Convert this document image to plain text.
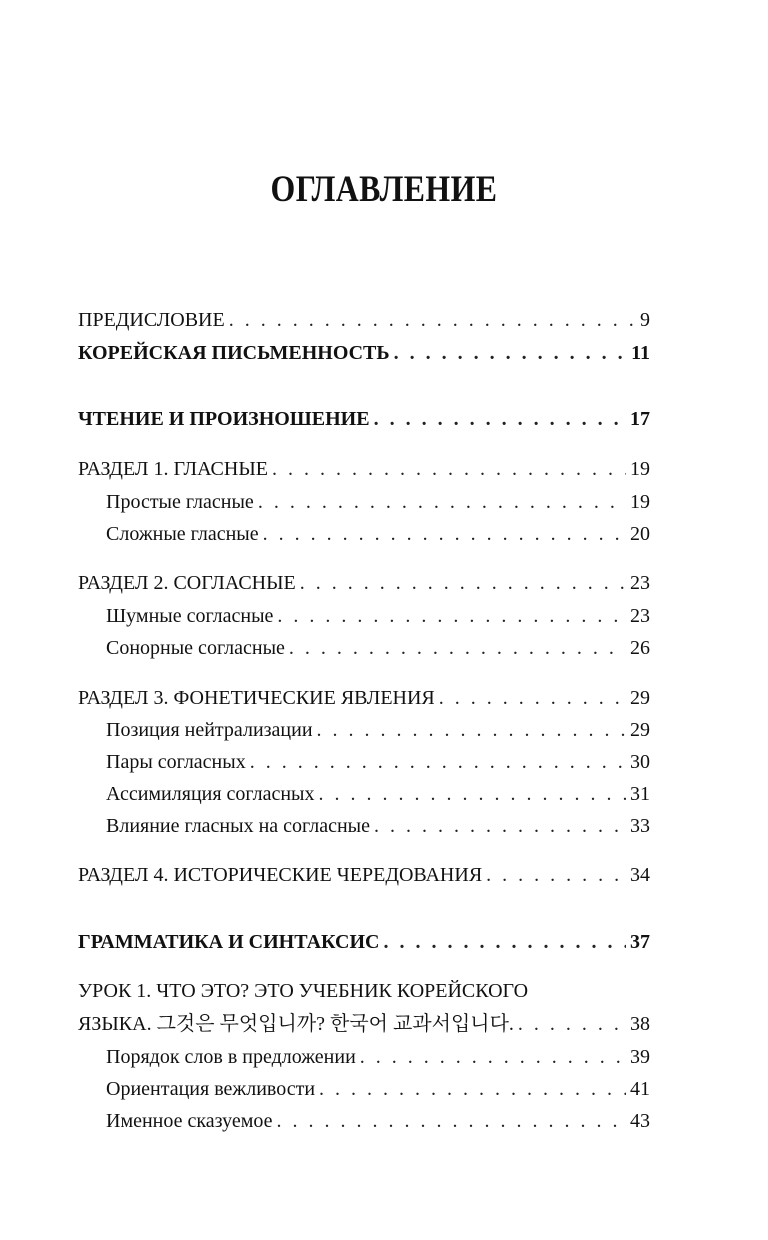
ОГЛАВЛЕНИЕ
ПРЕДИСЛОВИЕ . . .	9
КОРЕЙСКАЯ ПИСЬМЕННОСТЬ . . .	11
ЧТЕНИЕ И ПРОИЗНОШЕНИЕ . . .	17
РАЗДЕЛ 1. ГЛАСНЫЕ . . .	19
Простые гласные . . .	19
Сложные гласные . . .	20
РАЗДЕЛ 2. СОГЛАСНЫЕ . . .	23
Шумные согласные . . .	23
Сонорные согласные . . .	26
РАЗДЕЛ 3. ФОНЕТИЧЕСКИЕ ЯВЛЕНИЯ . . .	29
Позиция нейтрализации . . .	29
Пары согласных . . .	30
Ассимиляция согласных . . .	31
Влияние гласных на согласные . . .	33
РАЗДЕЛ 4. ИСТОРИЧЕСКИЕ ЧЕРЕДОВАНИЯ . . .	34
ГРАММАТИКА И СИНТАКСИС . . .	37
УРОК 1. ЧТО ЭТО? ЭТО УЧЕБНИК КОРЕЙСКОГО
ЯЗЫКА. 그것은 무엇입니까? 한국어 교과서입니다. . . .	38
Порядок слов в предложении . . .	39
Ориентация вежливости . . .	41
Именное сказуемое . . .	43
